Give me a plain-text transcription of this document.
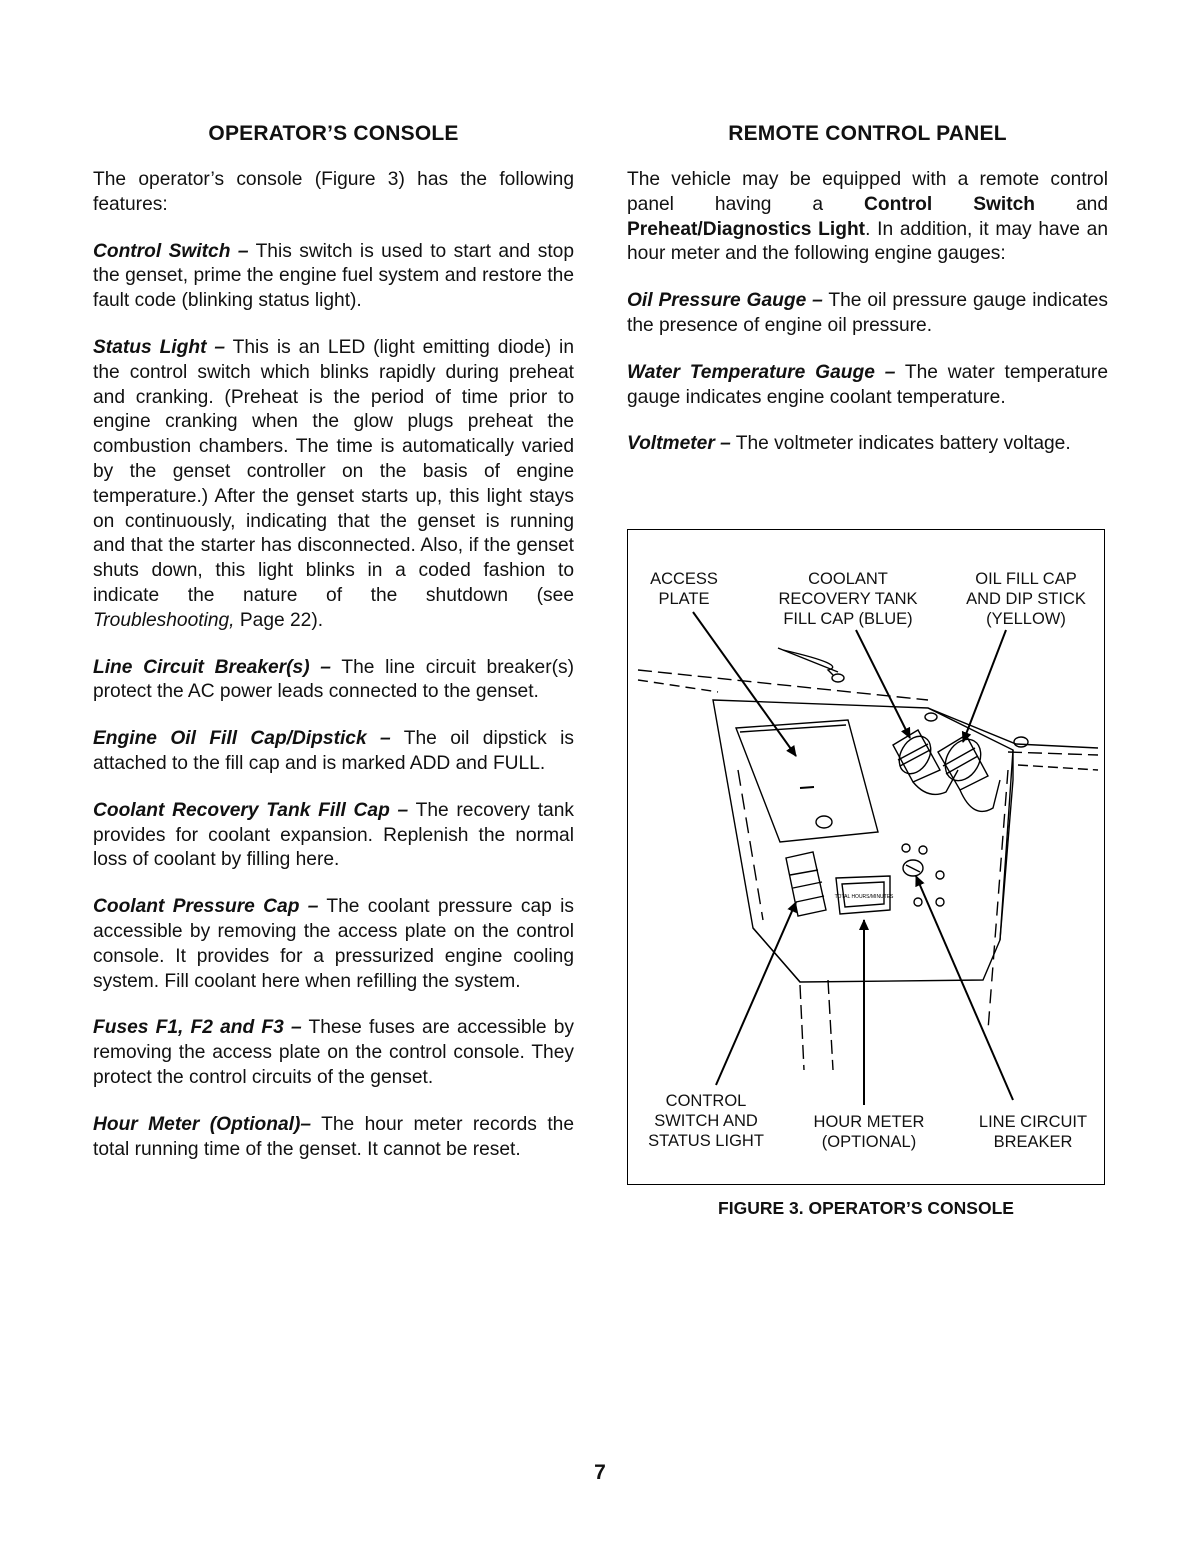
OPERATOR’S CONSOLE

The operator’s console (Figure 3) has the following features:

Control Switch – This switch is used to start and stop the genset, prime the engine fuel system and restore the fault code (blinking status light).

Status Light – This is an LED (light emitting diode) in the control switch which blinks rapidly during preheat and cranking. (Preheat is the period of time prior to engine cranking when the glow plugs preheat the combustion chambers. The time is automatically varied by the genset controller on the basis of engine temperature.) After the genset starts up, this light stays on continuously, indicating that the genset is running and that the starter has disconnected. Also, if the genset shuts down, this light blinks in a coded fashion to indicate the nature of the shutdown (see Troubleshooting, Page 22).

Line Circuit Breaker(s) – The line circuit breaker(s) protect the AC power leads connected to the genset.

Engine Oil Fill Cap/Dipstick – The oil dipstick is attached to the fill cap and is marked ADD and FULL.

Coolant Recovery Tank Fill Cap – The recovery tank provides for coolant expansion. Replenish the normal loss of coolant by filling here.

Coolant Pressure Cap – The coolant pressure cap is accessible by removing the access plate on the control console. It provides for a pressurized engine cooling system. Fill coolant here when refilling the system.

Fuses F1, F2 and F3 – These fuses are accessible by removing the access plate on the control console. They protect the control circuits of the genset.

Hour Meter (Optional)– The hour meter records the total running time of the genset. It cannot be reset.

REMOTE CONTROL PANEL

The vehicle may be equipped with a remote control panel having a Control Switch and Preheat/Diagnostics Light. In addition, it may have an hour meter and the following engine gauges:

Oil Pressure Gauge – The oil pressure gauge indicates the presence of engine oil pressure.

Water Temperature Gauge – The water temperature gauge indicates engine coolant temperature.

Voltmeter – The voltmeter indicates battery voltage.

TOTAL HOURS/MINUTES
ACCESS
PLATE
COOLANT
RECOVERY TANK
FILL CAP (BLUE)
OIL FILL CAP
AND DIP STICK
(YELLOW)
CONTROL
SWITCH AND
STATUS LIGHT
HOUR METER
(OPTIONAL)
LINE CIRCUIT
BREAKER
FIGURE 3. OPERATOR’S CONSOLE
7
